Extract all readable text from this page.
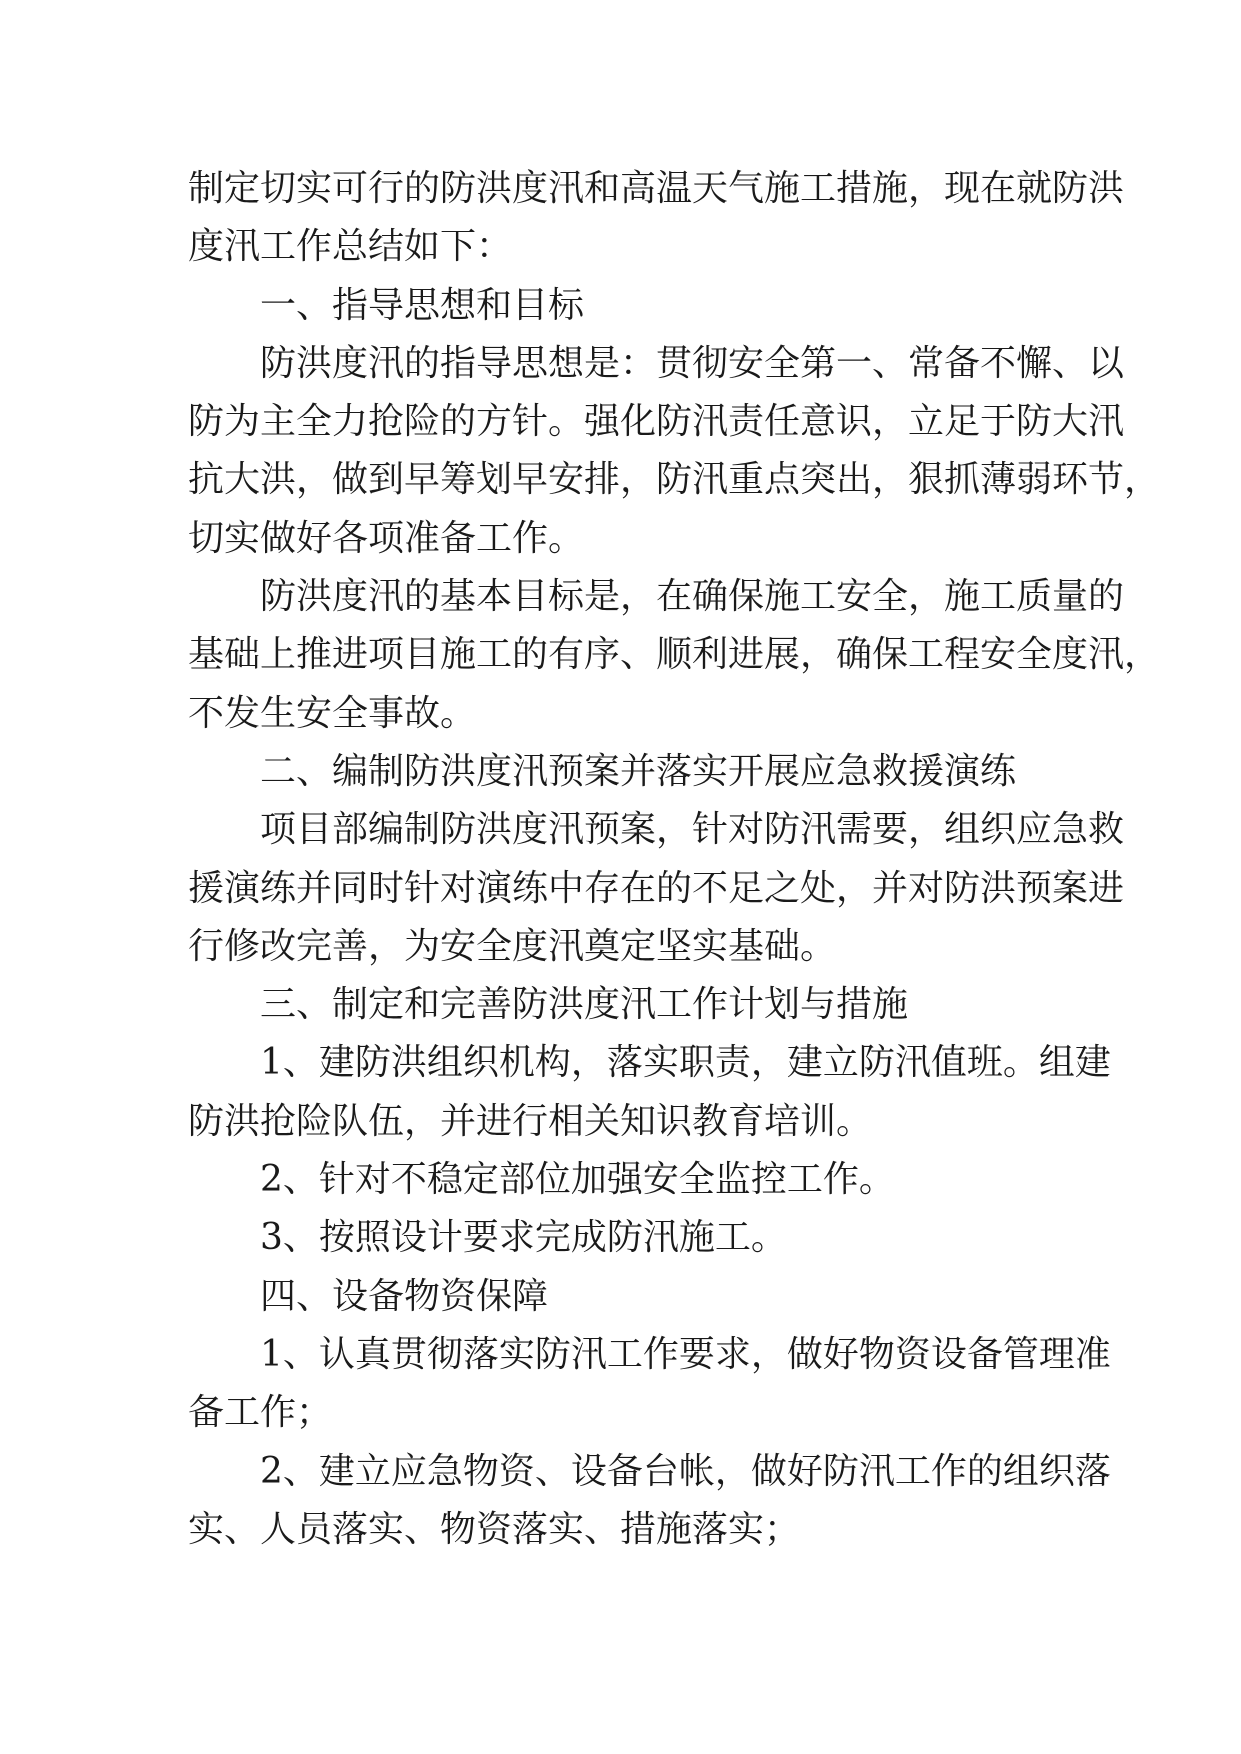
制定切实可行的防洪度汛和高温天气施工措施，现在就防洪
度汛工作总结如下：
一、指导思想和目标
防洪度汛的指导思想是：贯彻安全第一、常备不懈、以
防为主全力抢险的方针。强化防汛责任意识，立足于防大汛
抗大洪，做到早筹划早安排，防汛重点突出，狠抓薄弱环节，
切实做好各项准备工作。
防洪度汛的基本目标是，在确保施工安全，施工质量的
基础上推进项目施工的有序、顺利进展，确保工程安全度汛，
不发生安全事故。
二、编制防洪度汛预案并落实开展应急救援演练
项目部编制防洪度汛预案，针对防汛需要，组织应急救
援演练并同时针对演练中存在的不足之处，并对防洪预案进
行修改完善，为安全度汛奠定坚实基础。
三、制定和完善防洪度汛工作计划与措施
1、建防洪组织机构，落实职责，建立防汛值班。组建
防洪抢险队伍，并进行相关知识教育培训。
2、针对不稳定部位加强安全监控工作。
3、按照设计要求完成防汛施工。
四、设备物资保障
1、认真贯彻落实防汛工作要求，做好物资设备管理准
备工作；
2、建立应急物资、设备台帐，做好防汛工作的组织落
实、人员落实、物资落实、措施落实；
